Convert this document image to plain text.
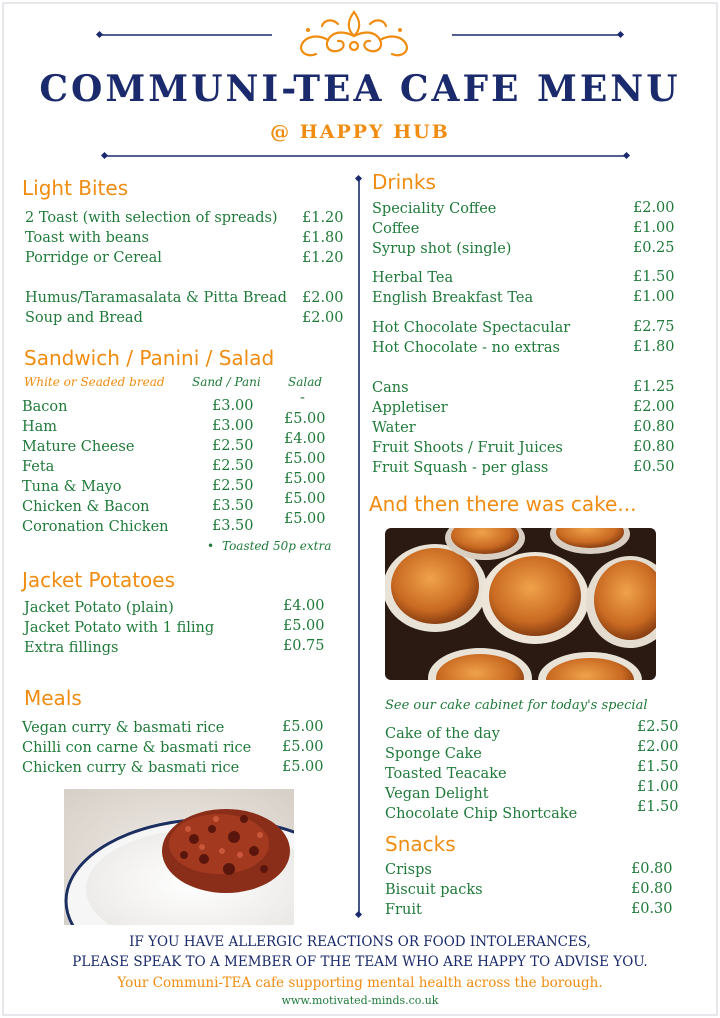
COMMUNI-TEA CAFE MENU
@ HAPPY HUB
Light Bites
2 Toast (with selection of spreads) £1.20
Toast with beans	£1.80
Porridge or Cereal	£1.20
Humus/Taramasalata & Pitta Bread £2.00
Soup and Bread	£2.00
Sandwich / Panini / Salad
White or Seaded bread Sand / Pani Salad
Bacon	£3.00	-
Ham	£3.00 £5.00
Mature Cheese	£2.50 £4.00
Feta	£2.50 £5.00
Tuna & Mayo	£2.50 £5.00
Chicken & Bacon	£3.50 £5.00
Coronation Chicken	£3.50 £5.00
• Toasted 50p extra
Jacket Potatoes
Jacket Potato (plain)	£4.00
Jacket Potato with 1 filing	£5.00
Extra fillings	£0.75
Meals
Vegan curry & basmati rice	£5.00
Chilli con carne & basmati rice £5.00
Chicken curry & basmati rice	£5.00
Drinks
Speciality Coffee	£2.00
Coffee	£1.00
Syrup shot (single)	£0.25
Herbal Tea	£1.50
English Breakfast Tea	£1.00
Hot Chocolate Spectacular	£2.75
Hot Chocolate - no extras	£1.80
Cans	£1.25
Appletiser	£2.00
Water	£0.80
Fruit Shoots / Fruit Juices	£0.80
Fruit Squash - per glass	£0.50
And then there was cake...
See our cake cabinet for today's special
Cake of the day	£2.50
Sponge Cake	£2.00
Toasted Teacake	£1.50
Vegan Delight	£1.00
Chocolate Chip Shortcake	£1.50
Snacks
Crisps	£0.80
Biscuit packs	£0.80
Fruit	£0.30
IF YOU HAVE ALLERGIC REACTIONS OR FOOD INTOLERANCES,
PLEASE SPEAK TO A MEMBER OF THE TEAM WHO ARE HAPPY TO ADVISE YOU.
Your Communi-TEA cafe supporting mental health across the borough.
www.motivated-minds.co.uk
